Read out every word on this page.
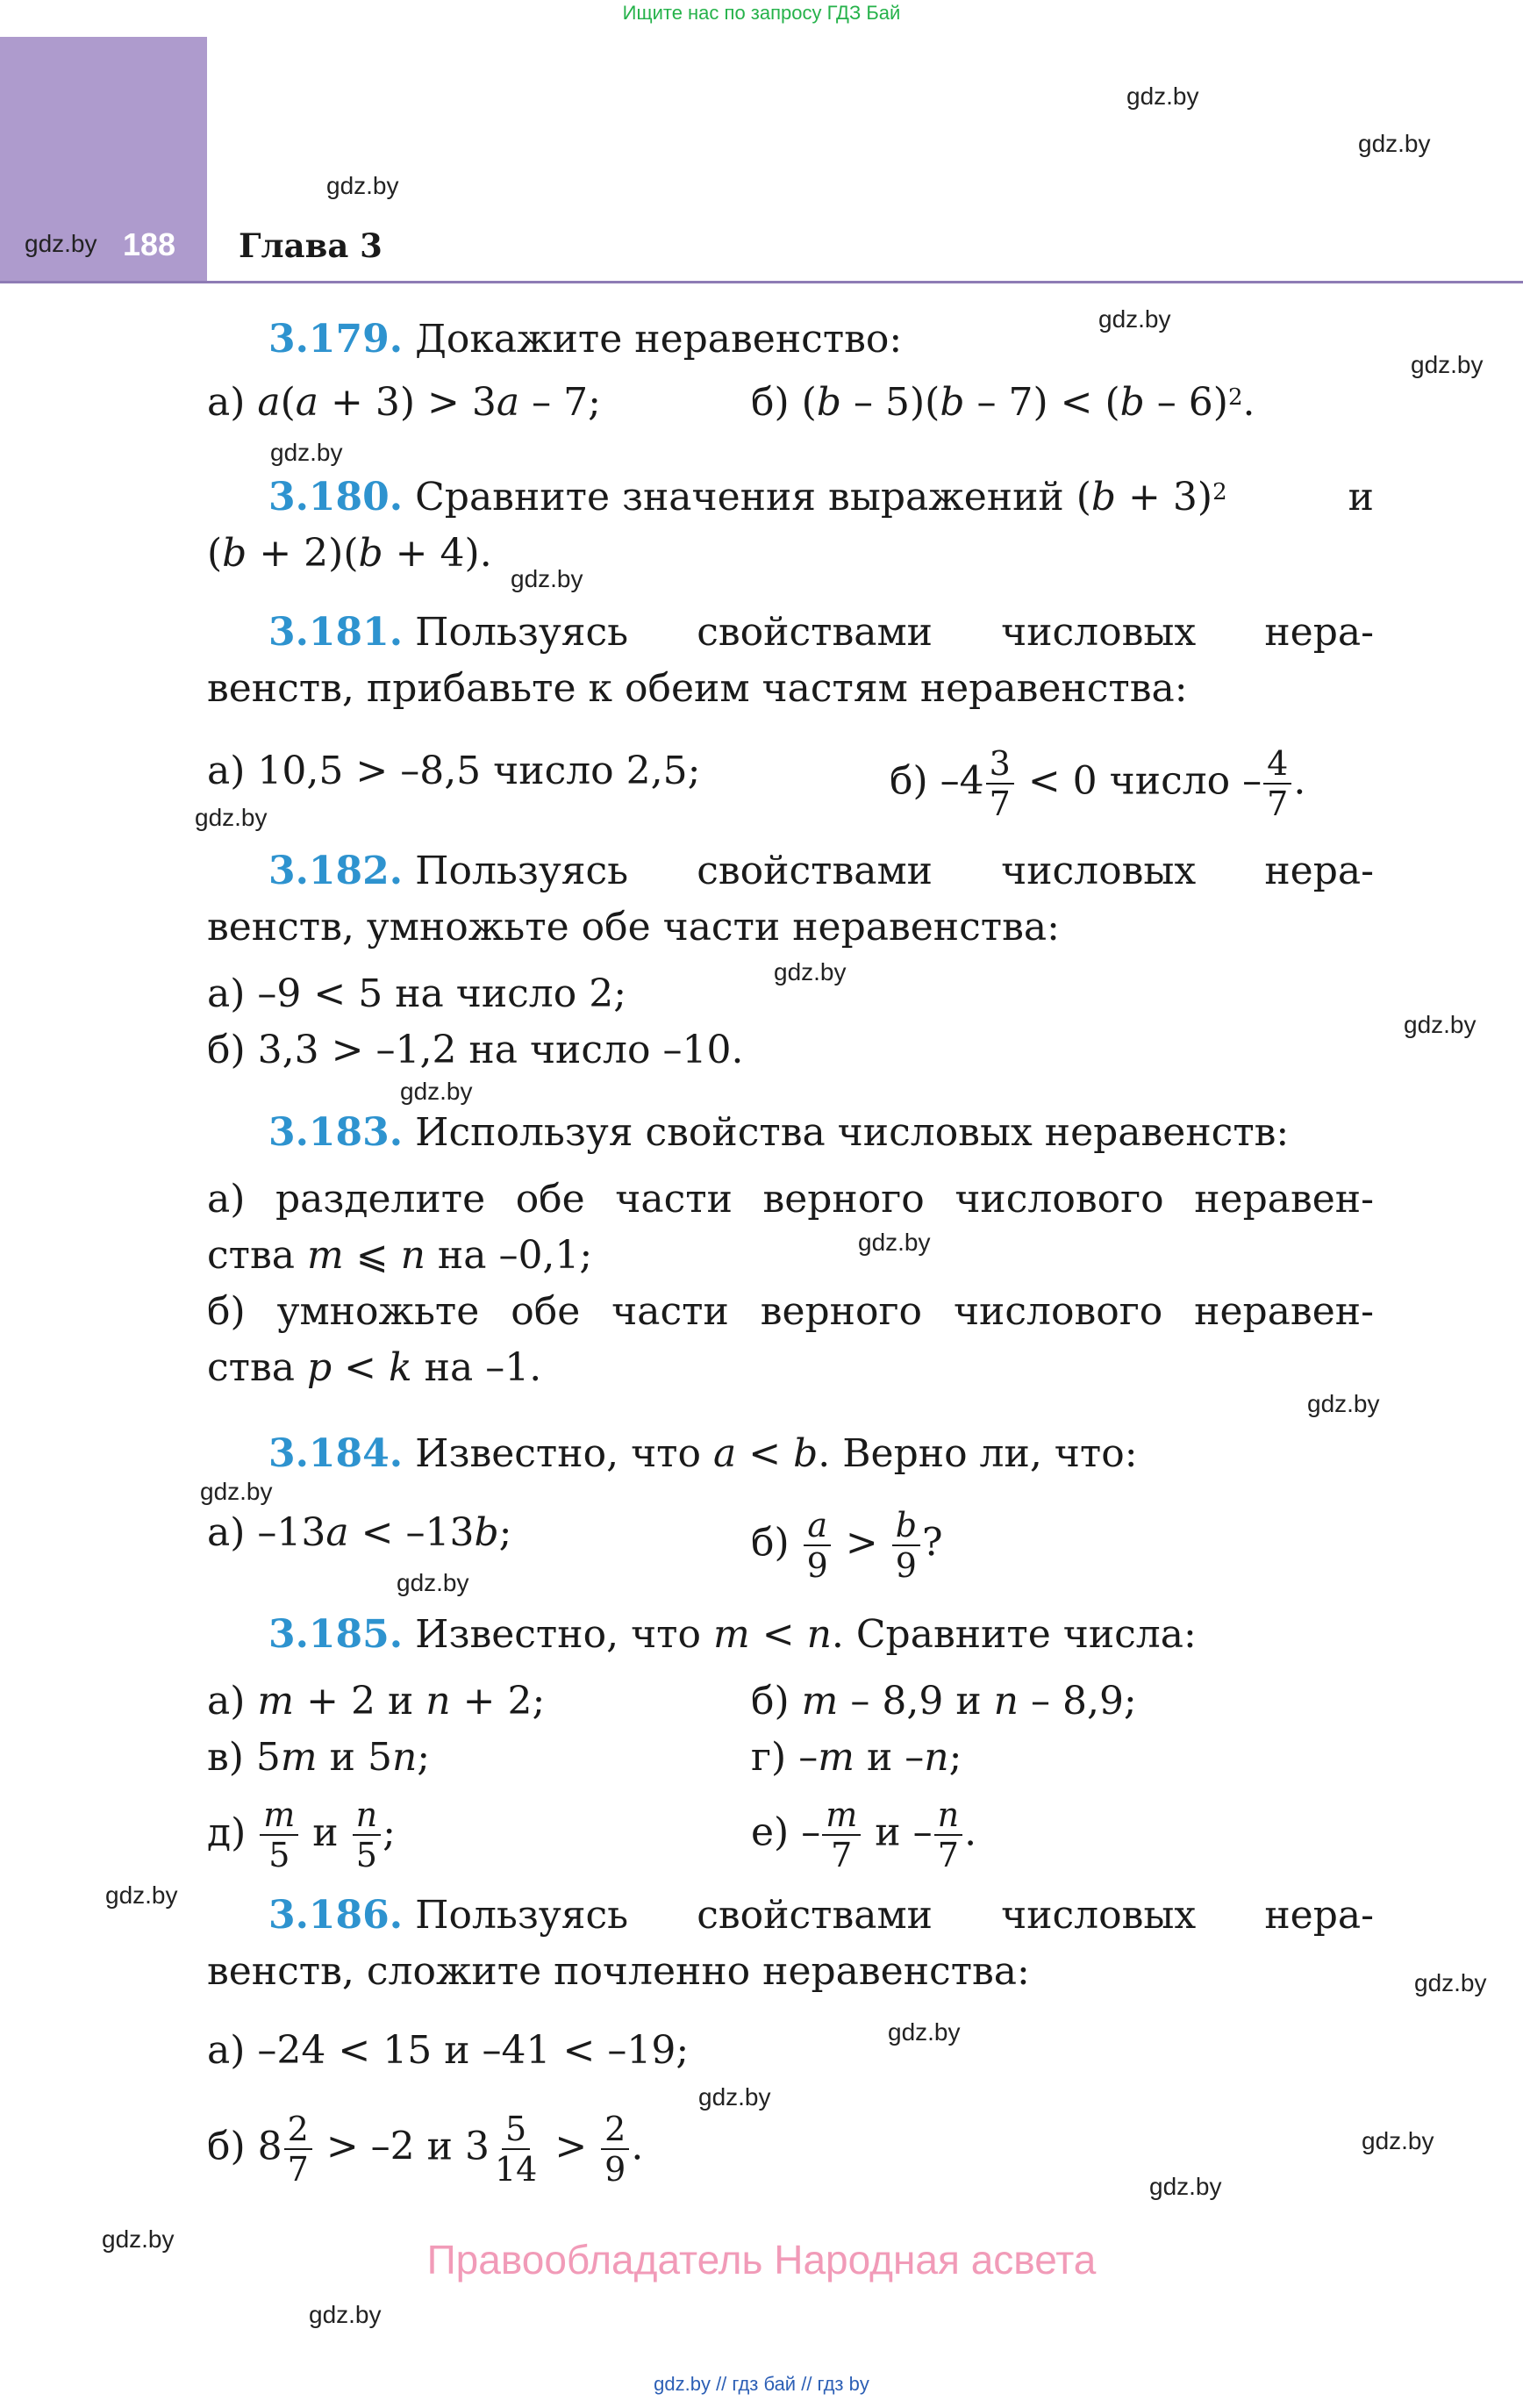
Ищите нас по запросу ГДЗ Бай
188 Глава 3
gdz.by
gdz.by
gdz.by
gdz.by
gdz.by
gdz.by
gdz.by
gdz.by
gdz.by
gdz.by
gdz.by
gdz.by
gdz.by
gdz.by
gdz.by
gdz.by
gdz.by
gdz.by
gdz.by
gdz.by
gdz.by
gdz.by
gdz.by
gdz.by
3.179. Докажите неравенство:
а) a(a + 3) > 3a – 7;	б) (b – 5)(b – 7) < (b – 6)$^2$.
3.180. Сравните значения выражений $(b + 3)^2$	и
(b + 2)(b + 4).
3.181. Пользуясь свойствами числовых нера-
венств, прибавьте к обеим частям неравенства:
а) 10,5 > –8,5 число 2,5;	б) $-4 \frac{3}{7} < 0$ число – $\frac{4}{7}$ .
3.182. Пользуясь свойствами числовых нера-
венств, умножьте обе части неравенства:
а) –9 < 5 на число 2;
б) 3,3 > –1,2 на число –10.
3.183. Используя свойства числовых неравенств:
а) разделите обе части верного числового нерaвен-
ства m ⩽ n на –0,1;
б) умножьте обе части верного числового нерaвен-
ства p < k на –1.
3.184. Известно, что a < b. Верно ли, что:
а) –13a < –13b;	$б) \frac{a}{9} > \frac{b}{9}$ ?
3.185. Известно, что m < n. Сравните числа:
а) m + 2 и n + 2;	б) m – 8,9 и n – 8,9;
в) 5m и 5n;	г) –m и –n;
$д) \frac{m}{5}$ и $\frac{n}{5}$ ;	$е) - \frac{m}{7}$ и – $\frac{n}{7}$ .
3.186. Пользуясь свойствами числовых нера-
венств, сложите почленно неравенства:
а) –24 < 15 и –41 < –19;
б) $8 \frac{2}{7} > -2$ и $3 \frac{5}{14} > \frac{2}{9}$ .
Правообладатель Народная асвета
gdz.by // гдз бай // гдз by
